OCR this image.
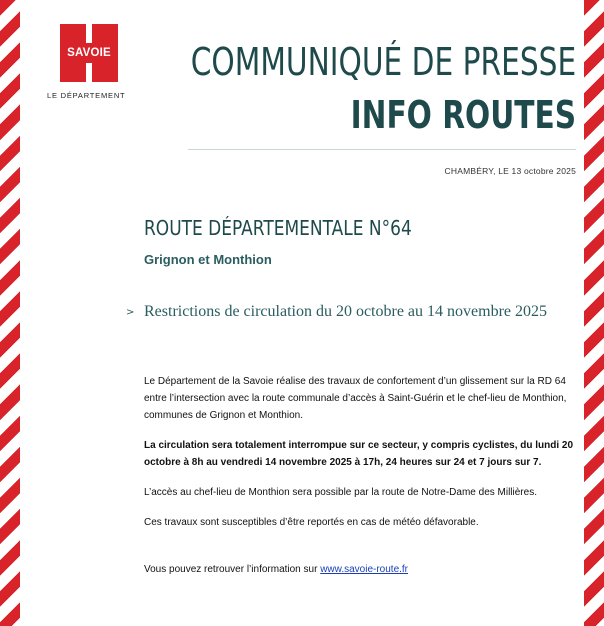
SAVOIE
LE DÉPARTEMENT
COMMUNIQUÉ DE PRESSE
INFO ROUTES
CHAMBÉRY, LE 13 octobre 2025
ROUTE DÉPARTEMENTALE N°64
Grignon et Monthion
> Restrictions de circulation du 20 octobre au 14 novembre 2025

Le Département de la Savoie réalise des travaux de confortement d’un glissement sur la RD 64 entre l’intersection avec la route communale d’accès à Saint-Guérin et le chef-lieu de Monthion, communes de Grignon et Monthion.

La circulation sera totalement interrompue sur ce secteur, y compris cyclistes, du lundi 20 octobre à 8h au vendredi 14 novembre 2025 à 17h, 24 heures sur 24 et 7 jours sur 7.

L’accès au chef-lieu de Monthion sera possible par la route de Notre-Dame des Millières.

Ces travaux sont susceptibles d’être reportés en cas de météo défavorable.

Vous pouvez retrouver l’information sur www.savoie-route.fr
